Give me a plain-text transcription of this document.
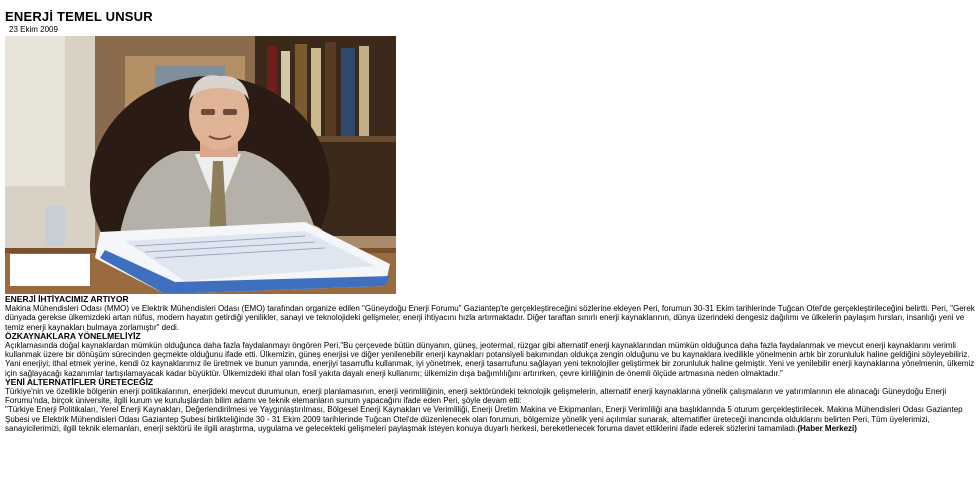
ENERJİ TEMEL UNSUR
23 Ekim 2009

ENERJİ İHTİYACIMIZ ARTIYOR

Makina Mühendisleri Odası (MMO) ve Elektrik Mühendisleri Odası (EMO) tarafından organize edilen "Güneydoğu Enerji Forumu" Gaziantep'te gerçekleştireceğini sözlerine ekleyen Peri, forumun 30-31 Ekim tarihlerinde Tuğcan Otel'de gerçekleştirileceğini belirtti. Peri, "Gerek dünyada gerekse ülkemizdeki artan nüfus, modern hayatın getirdiği yenilikler, sanayi ve teknolojideki gelişmeler, enerji ihtiyacını hızla artırmaktadır. Diğer taraftan sınırlı enerji kaynaklarının, dünya üzerindeki dengesiz dağılımı ve ülkelerin paylaşım hırsları, insanlığı yeni ve temiz enerji kaynakları bulmaya zorlamıştır" dedi.

ÖZKAYNAKLARA YÖNELMELİYİZ

Açıklamasında doğal kaynaklardan mümkün olduğunca daha fazla faydalanmayı öngören Peri,"Bu çerçevede bütün dünyanın, güneş, jeotermal, rüzgar gibi alternatif enerji kaynaklarından mümkün olduğunca daha fazla faydalanmak ve mevcut enerji kaynaklarını verimli kullanmak üzere bir dönüşüm sürecinden geçmekte olduğunu ifade etti. Ülkemizin, güneş enerjisi ve diğer yenilenebilir enerji kaynakları potansiyeli bakımından oldukça zengin olduğunu ve bu kaynaklara ivedilikle yönelmenin artık bir zorunluluk haline geldiğini söyleyebiliriz. Yani enerjiyi; ithal etmek yerine, kendi öz kaynaklarımız ile üretmek ve bunun yanında, enerjiyi tasarruflu kullanmak, iyi yönetmek, enerji tasarrufunu sağlayan yeni teknolojiler geliştirmek bir zorunluluk haline gelmiştir. Yeni ve yenilebilir enerji kaynaklarına yönelmenin, ülkemiz için sağlayacağı kazanımlar tartışılamayacak kadar büyüktür. Ülkemizdeki ithal olan fosil yakıta dayalı enerji kullanımı; ülkemizin dışa bağımlılığını artırırken, çevre kirliliğinin de önemli ölçüde artmasına neden olmaktadır."

YENİ ALTERNATİFLER ÜRETECEĞİZ

Türkiye'nin ve özellikle bölgenin enerji politikalarının, enerjideki mevcut durumunun, enerji planlamasının, enerji verimliliğinin, enerji sektöründeki teknolojik gelişmelerin, alternatif enerji kaynaklarına yönelik çalışmaların ve yatırımlarının ele alınacağı Güneydoğu Enerji Forumu'nda, birçok üniversite, ilgili kurum ve kuruluşlardan bilim adamı ve teknik elemanların sunum yapacağını ifade eden Peri, şöyle devam etti:

"Türkiye Enerji Politikaları, Yerel Enerji Kaynakları, Değerlendirilmesi ve Yaygınlaştırılması, Bölgesel Enerji Kaynakları ve Verimliliği, Enerji Üretim Makina ve Ekipmanları, Enerji Verimliliği ana başlıklarında 5 oturum gerçekleştirilecek. Makina Mühendisleri Odası Gaziantep Şubesi ve Elektrik Mühendisleri Odası Gaziantep Şubesi birlikteliğinde 30 - 31 Ekim 2009 tarihlerinde Tuğcan Otel'de düzenlenecek olan forumun, bölgemize yönelik yeni açılımlar sunarak, alternatifler üreteceği inancında olduklarını belirten Peri, Tüm üyelerimizi, sanayicilerimizi, ilgili teknik elemanları, enerji sektörü ile ilgili araştırma, uygulama ve gelecekteki gelişmeleri paylaşmak isteyen konuya duyarlı herkesi, bereketlenecek foruma davet ettiklerini ifade ederek sözlerini tamamladı.(Haber Merkezi)
